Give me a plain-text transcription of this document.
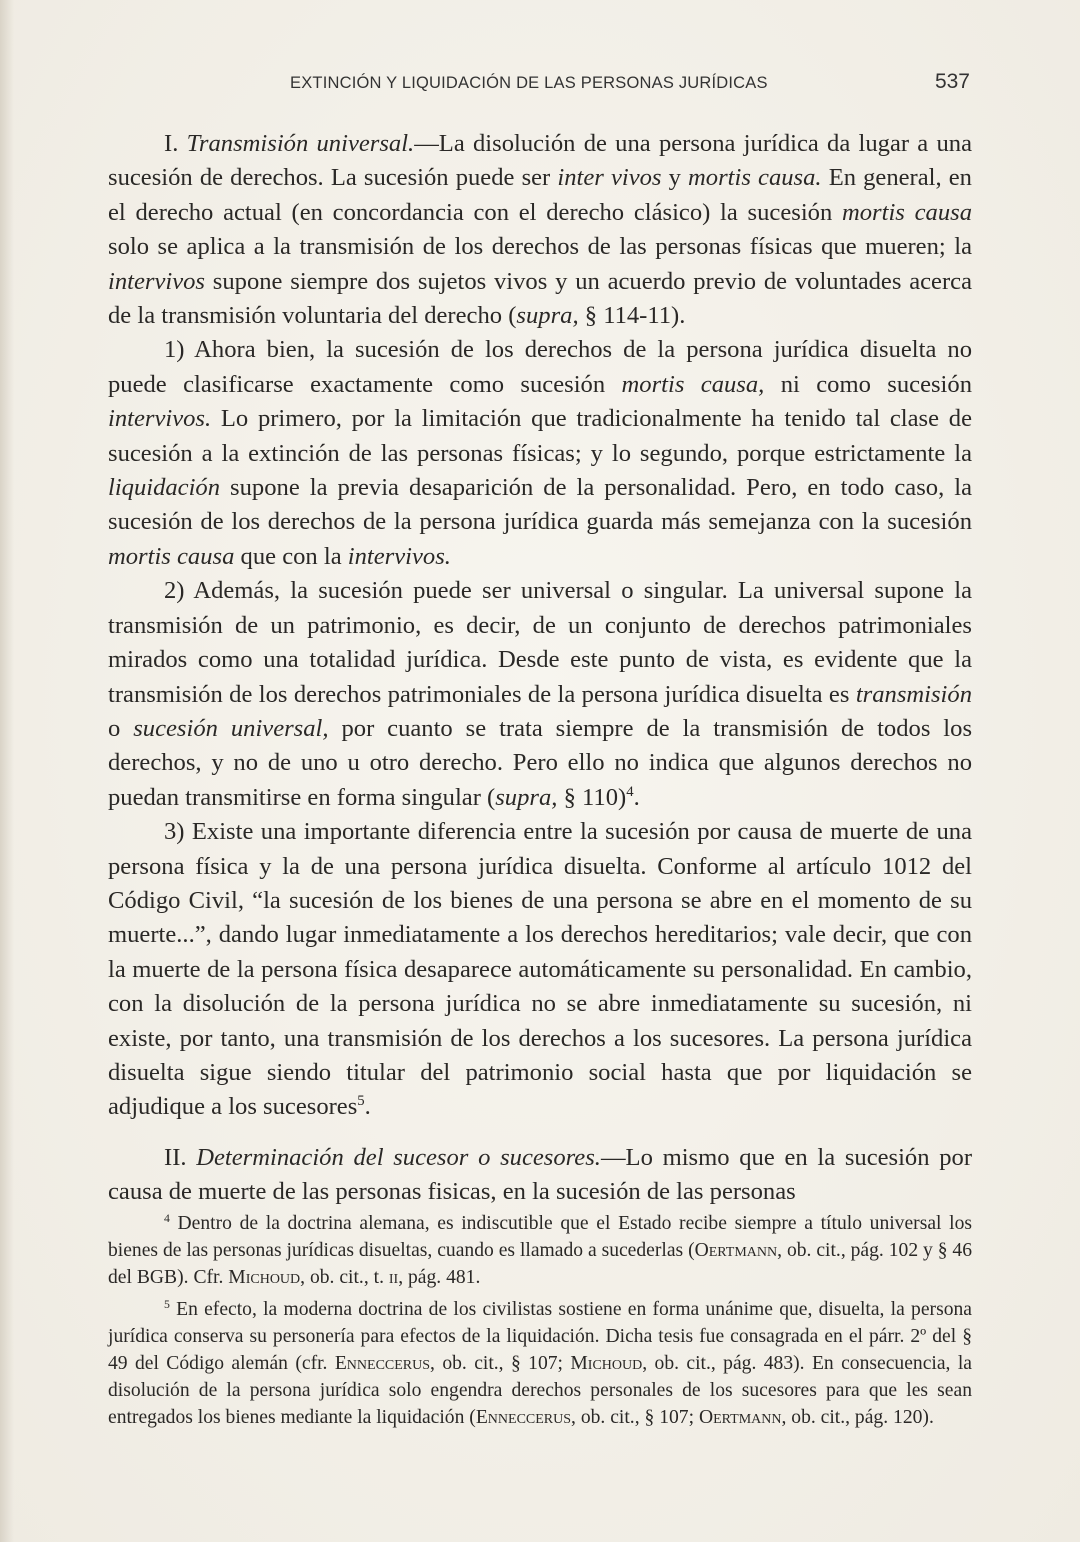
EXTINCIÓN Y LIQUIDACIÓN DE LAS PERSONAS JURÍDICAS	537

I. Transmisión universal.—La disolución de una persona jurídica da lugar a una sucesión de derechos. La sucesión puede ser inter vivos y mortis causa. En general, en el derecho actual (en concordancia con el derecho clásico) la sucesión mortis causa solo se aplica a la transmisión de los derechos de las personas físicas que mueren; la intervivos supone siempre dos sujetos vivos y un acuerdo previo de voluntades acerca de la transmisión voluntaria del derecho (supra, § 114-11).

1) Ahora bien, la sucesión de los derechos de la persona jurídica disuelta no puede clasificarse exactamente como sucesión mortis causa, ni como sucesión intervivos. Lo primero, por la limitación que tradicionalmente ha tenido tal clase de sucesión a la extinción de las personas físicas; y lo segundo, porque estrictamente la liquidación supone la previa desaparición de la personalidad. Pero, en todo caso, la sucesión de los derechos de la persona jurídica guarda más semejanza con la sucesión mortis causa que con la intervivos.

2) Además, la sucesión puede ser universal o singular. La universal supone la transmisión de un patrimonio, es decir, de un conjunto de derechos patrimoniales mirados como una totalidad jurídica. Desde este punto de vista, es evidente que la transmisión de los derechos patrimoniales de la persona jurídica disuelta es transmisión o sucesión universal, por cuanto se trata siempre de la transmisión de todos los derechos, y no de uno u otro derecho. Pero ello no indica que algunos derechos no puedan transmitirse en forma singular (supra, § 110)$^4$.

3) Existe una importante diferencia entre la sucesión por causa de muerte de una persona física y la de una persona jurídica disuelta. Conforme al artículo 1012 del Código Civil, “la sucesión de los bienes de una persona se abre en el momento de su muerte...”, dando lugar inmediatamente a los derechos hereditarios; vale decir, que con la muerte de la persona física desaparece automáticamente su personalidad. En cambio, con la disolución de la persona jurídica no se abre inmediatamente su sucesión, ni existe, por tanto, una transmisión de los derechos a los sucesores. La persona jurídica disuelta sigue siendo titular del patrimonio social hasta que por liquidación se adjudique a los sucesores$^5$.

II. Determinación del sucesor o sucesores.—Lo mismo que en la sucesión por causa de muerte de las personas fisicas, en la sucesión de las personas

$^4$ Dentro de la doctrina alemana, es indiscutible que el Estado recibe siempre a título universal los bienes de las personas jurídicas disueltas, cuando es llamado a sucederlas (Oertmann, ob. cit., pág. 102 y § 46 del BGB). Cfr. Michoud, ob. cit., t. ii, pág. 481.

$^5$ En efecto, la moderna doctrina de los civilistas sostiene en forma unánime que, disuelta, la persona jurídica conserva su personería para efectos de la liquidación. Dicha tesis fue consagrada en el párr. 2º del § 49 del Código alemán (cfr. Enneccerus, ob. cit., § 107; Michoud, ob. cit., pág. 483). En consecuencia, la disolución de la persona jurídica solo engendra derechos personales de los sucesores para que les sean entregados los bienes mediante la liquidación (Enneccerus, ob. cit., § 107; Oertmann, ob. cit., pág. 120).
